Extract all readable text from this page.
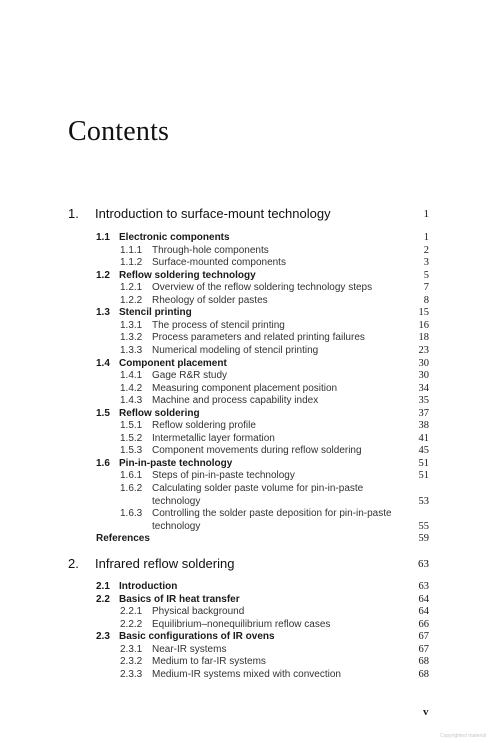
Contents
1. Introduction to surface-mount technology	1
1.1 Electronic components	1
1.1.1 Through-hole components	2
1.1.2 Surface-mounted components	3
1.2 Reflow soldering technology	5
1.2.1 Overview of the reflow soldering technology steps	7
1.2.2 Rheology of solder pastes	8
1.3 Stencil printing	15
1.3.1 The process of stencil printing	16
1.3.2 Process parameters and related printing failures	18
1.3.3 Numerical modeling of stencil printing	23
1.4 Component placement	30
1.4.1 Gage R&R study	30
1.4.2 Measuring component placement position	34
1.4.3 Machine and process capability index	35
1.5 Reflow soldering	37
1.5.1 Reflow soldering profile	38
1.5.2 Intermetallic layer formation	41
1.5.3 Component movements during reflow soldering	45
1.6 Pin-in-paste technology	51
1.6.1 Steps of pin-in-paste technology	51
1.6.2 Calculating solder paste volume for pin-in-paste
technology	53
1.6.3 Controlling the solder paste deposition for pin-in-paste
technology	55
References	59
2. Infrared reflow soldering	63
2.1 Introduction	63
2.2 Basics of IR heat transfer	64
2.2.1 Physical background	64
2.2.2 Equilibrium–nonequilibrium reflow cases	66
2.3 Basic configurations of IR ovens	67
2.3.1 Near-IR systems	67
2.3.2 Medium to far-IR systems	68
2.3.3 Medium-IR systems mixed with convection	68
v
Copyrighted material
